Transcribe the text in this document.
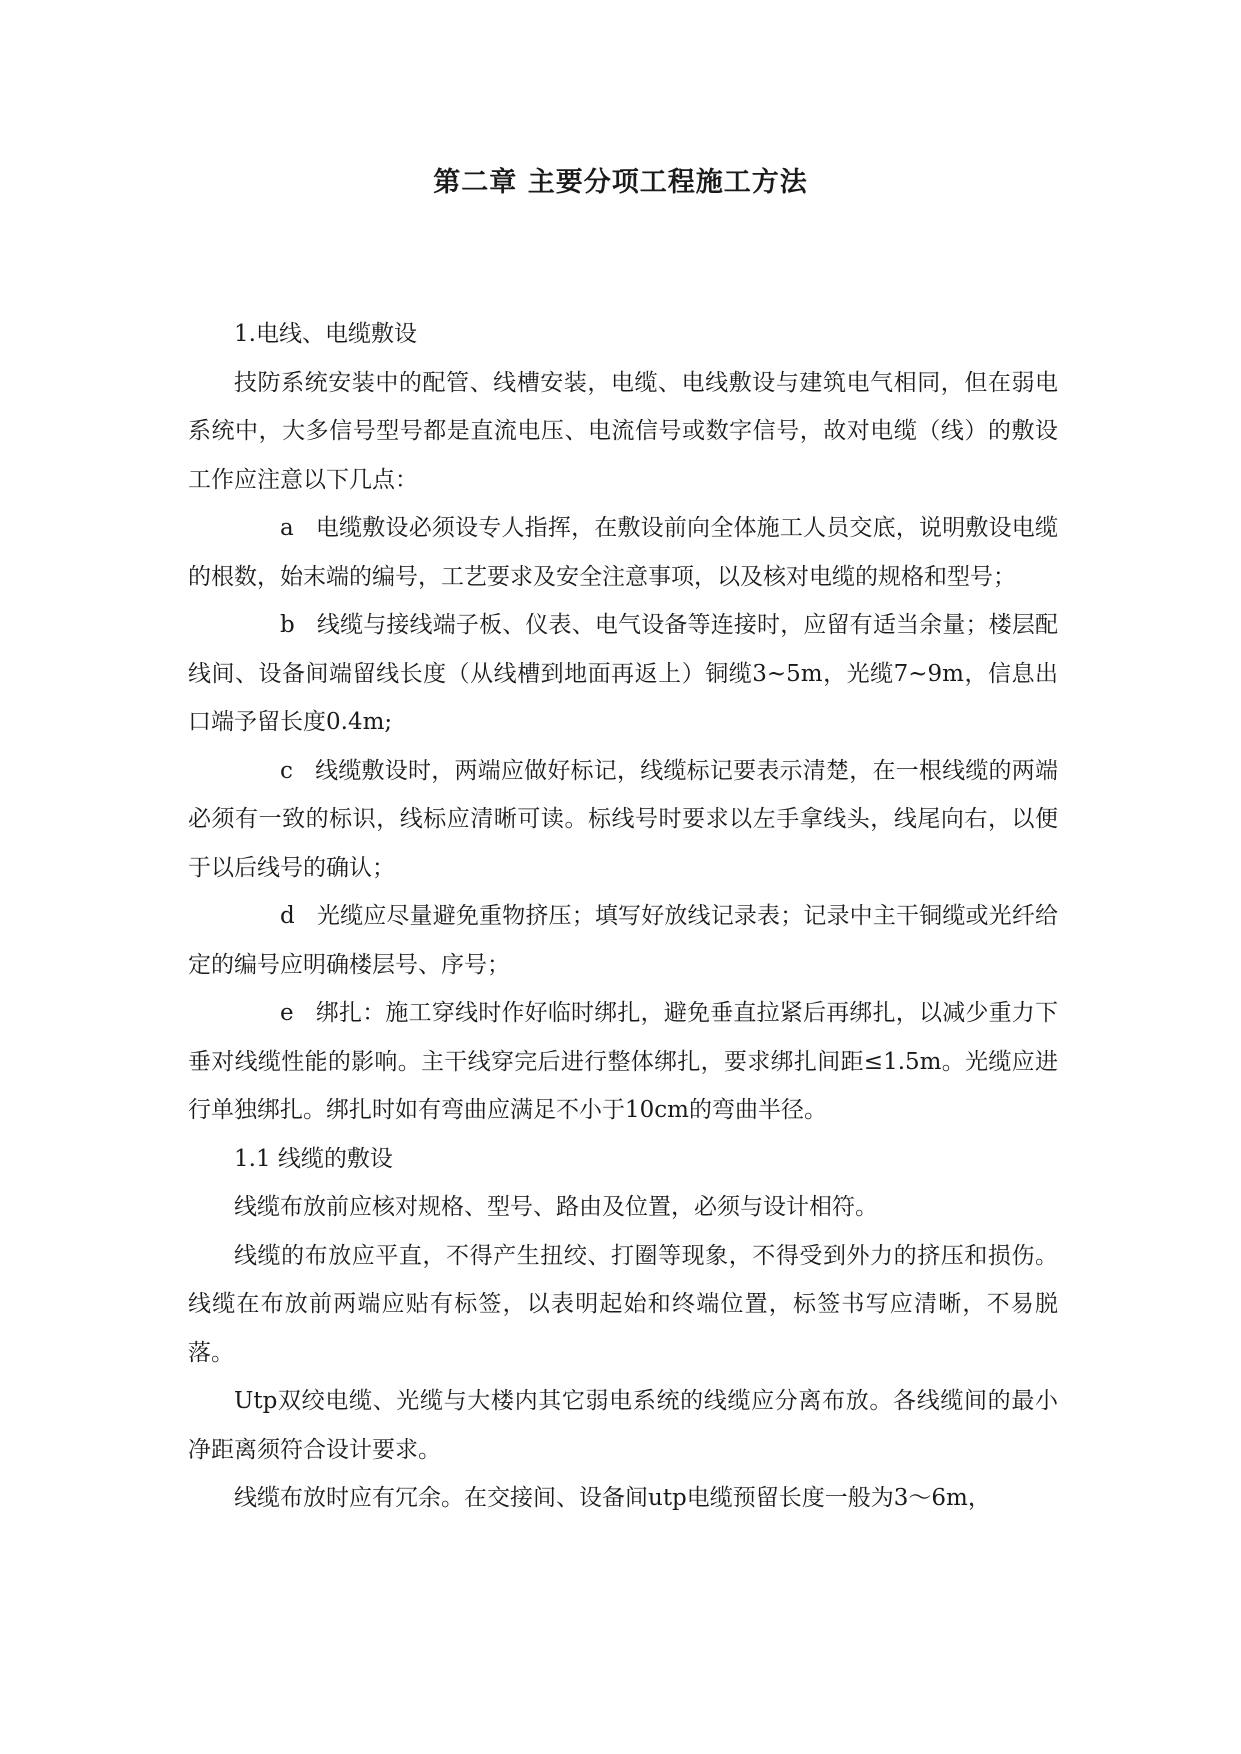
第二章 主要分项工程施工方法

1.电线、电缆敷设

技防系统安装中的配管、线槽安装，电缆、电线敷设与建筑电气相同，但在弱电系统中，大多信号型号都是直流电压、电流信号或数字信号，故对电缆（线）的敷设工作应注意以下几点：

a 电缆敷设必须设专人指挥，在敷设前向全体施工人员交底，说明敷设电缆的根数，始末端的编号，工艺要求及安全注意事项，以及核对电缆的规格和型号；

b 线缆与接线端子板、仪表、电气设备等连接时，应留有适当余量；楼层配线间、设备间端留线长度（从线槽到地面再返上）铜缆3~5m，光缆7~9m，信息出口端予留长度0.4m;

c 线缆敷设时，两端应做好标记，线缆标记要表示清楚，在一根线缆的两端必须有一致的标识，线标应清晰可读。标线号时要求以左手拿线头，线尾向右，以便于以后线号的确认；

d 光缆应尽量避免重物挤压；填写好放线记录表；记录中主干铜缆或光纤给定的编号应明确楼层号、序号；

e 绑扎：施工穿线时作好临时绑扎，避免垂直拉紧后再绑扎，以减少重力下垂对线缆性能的影响。主干线穿完后进行整体绑扎，要求绑扎间距≤1.5m。光缆应进行单独绑扎。绑扎时如有弯曲应满足不小于10cm的弯曲半径。

1.1 线缆的敷设

线缆布放前应核对规格、型号、路由及位置，必须与设计相符。

线缆的布放应平直，不得产生扭绞、打圈等现象，不得受到外力的挤压和损伤。线缆在布放前两端应贴有标签，以表明起始和终端位置，标签书写应清晰，不易脱落。

Utp双绞电缆、光缆与大楼内其它弱电系统的线缆应分离布放。各线缆间的最小净距离须符合设计要求。

线缆布放时应有冗余。在交接间、设备间utp电缆预留长度一般为3～6m，
